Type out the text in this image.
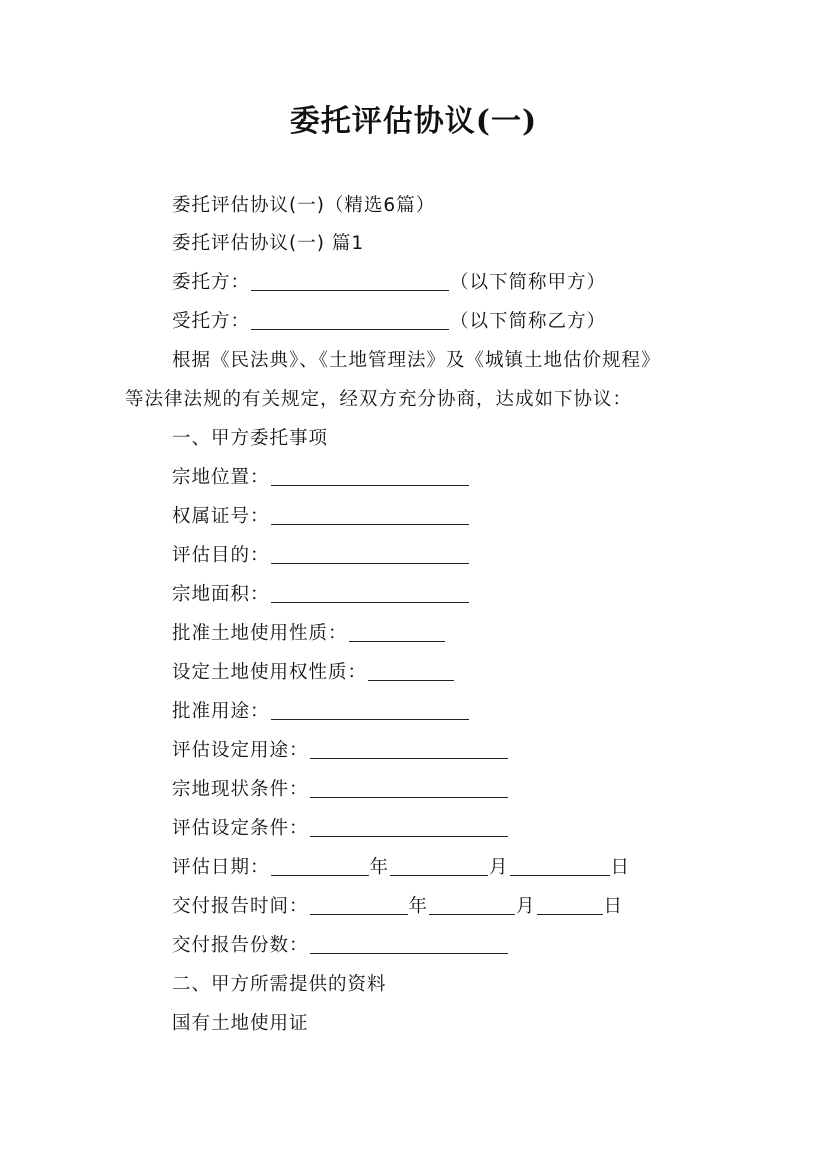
委托评估协议(一)
委托评估协议(一)（精选6篇）
委托评估协议(一) 篇1
委托方：	（以下简称甲方）
受托方：	（以下简称乙方）
根据《民法典》、《土地管理法》及《城镇土地估价规程》
等法律法规的有关规定，经双方充分协商，达成如下协议：
一、甲方委托事项
宗地位置：
权属证号：
评估目的：
宗地面积：
批准土地使用性质：
设定土地使用权性质：
批准用途：
评估设定用途：
宗地现状条件：
评估设定条件：
评估日期：	年	月	日
交付报告时间：	年	月	日
交付报告份数：
二、甲方所需提供的资料
国有土地使用证
